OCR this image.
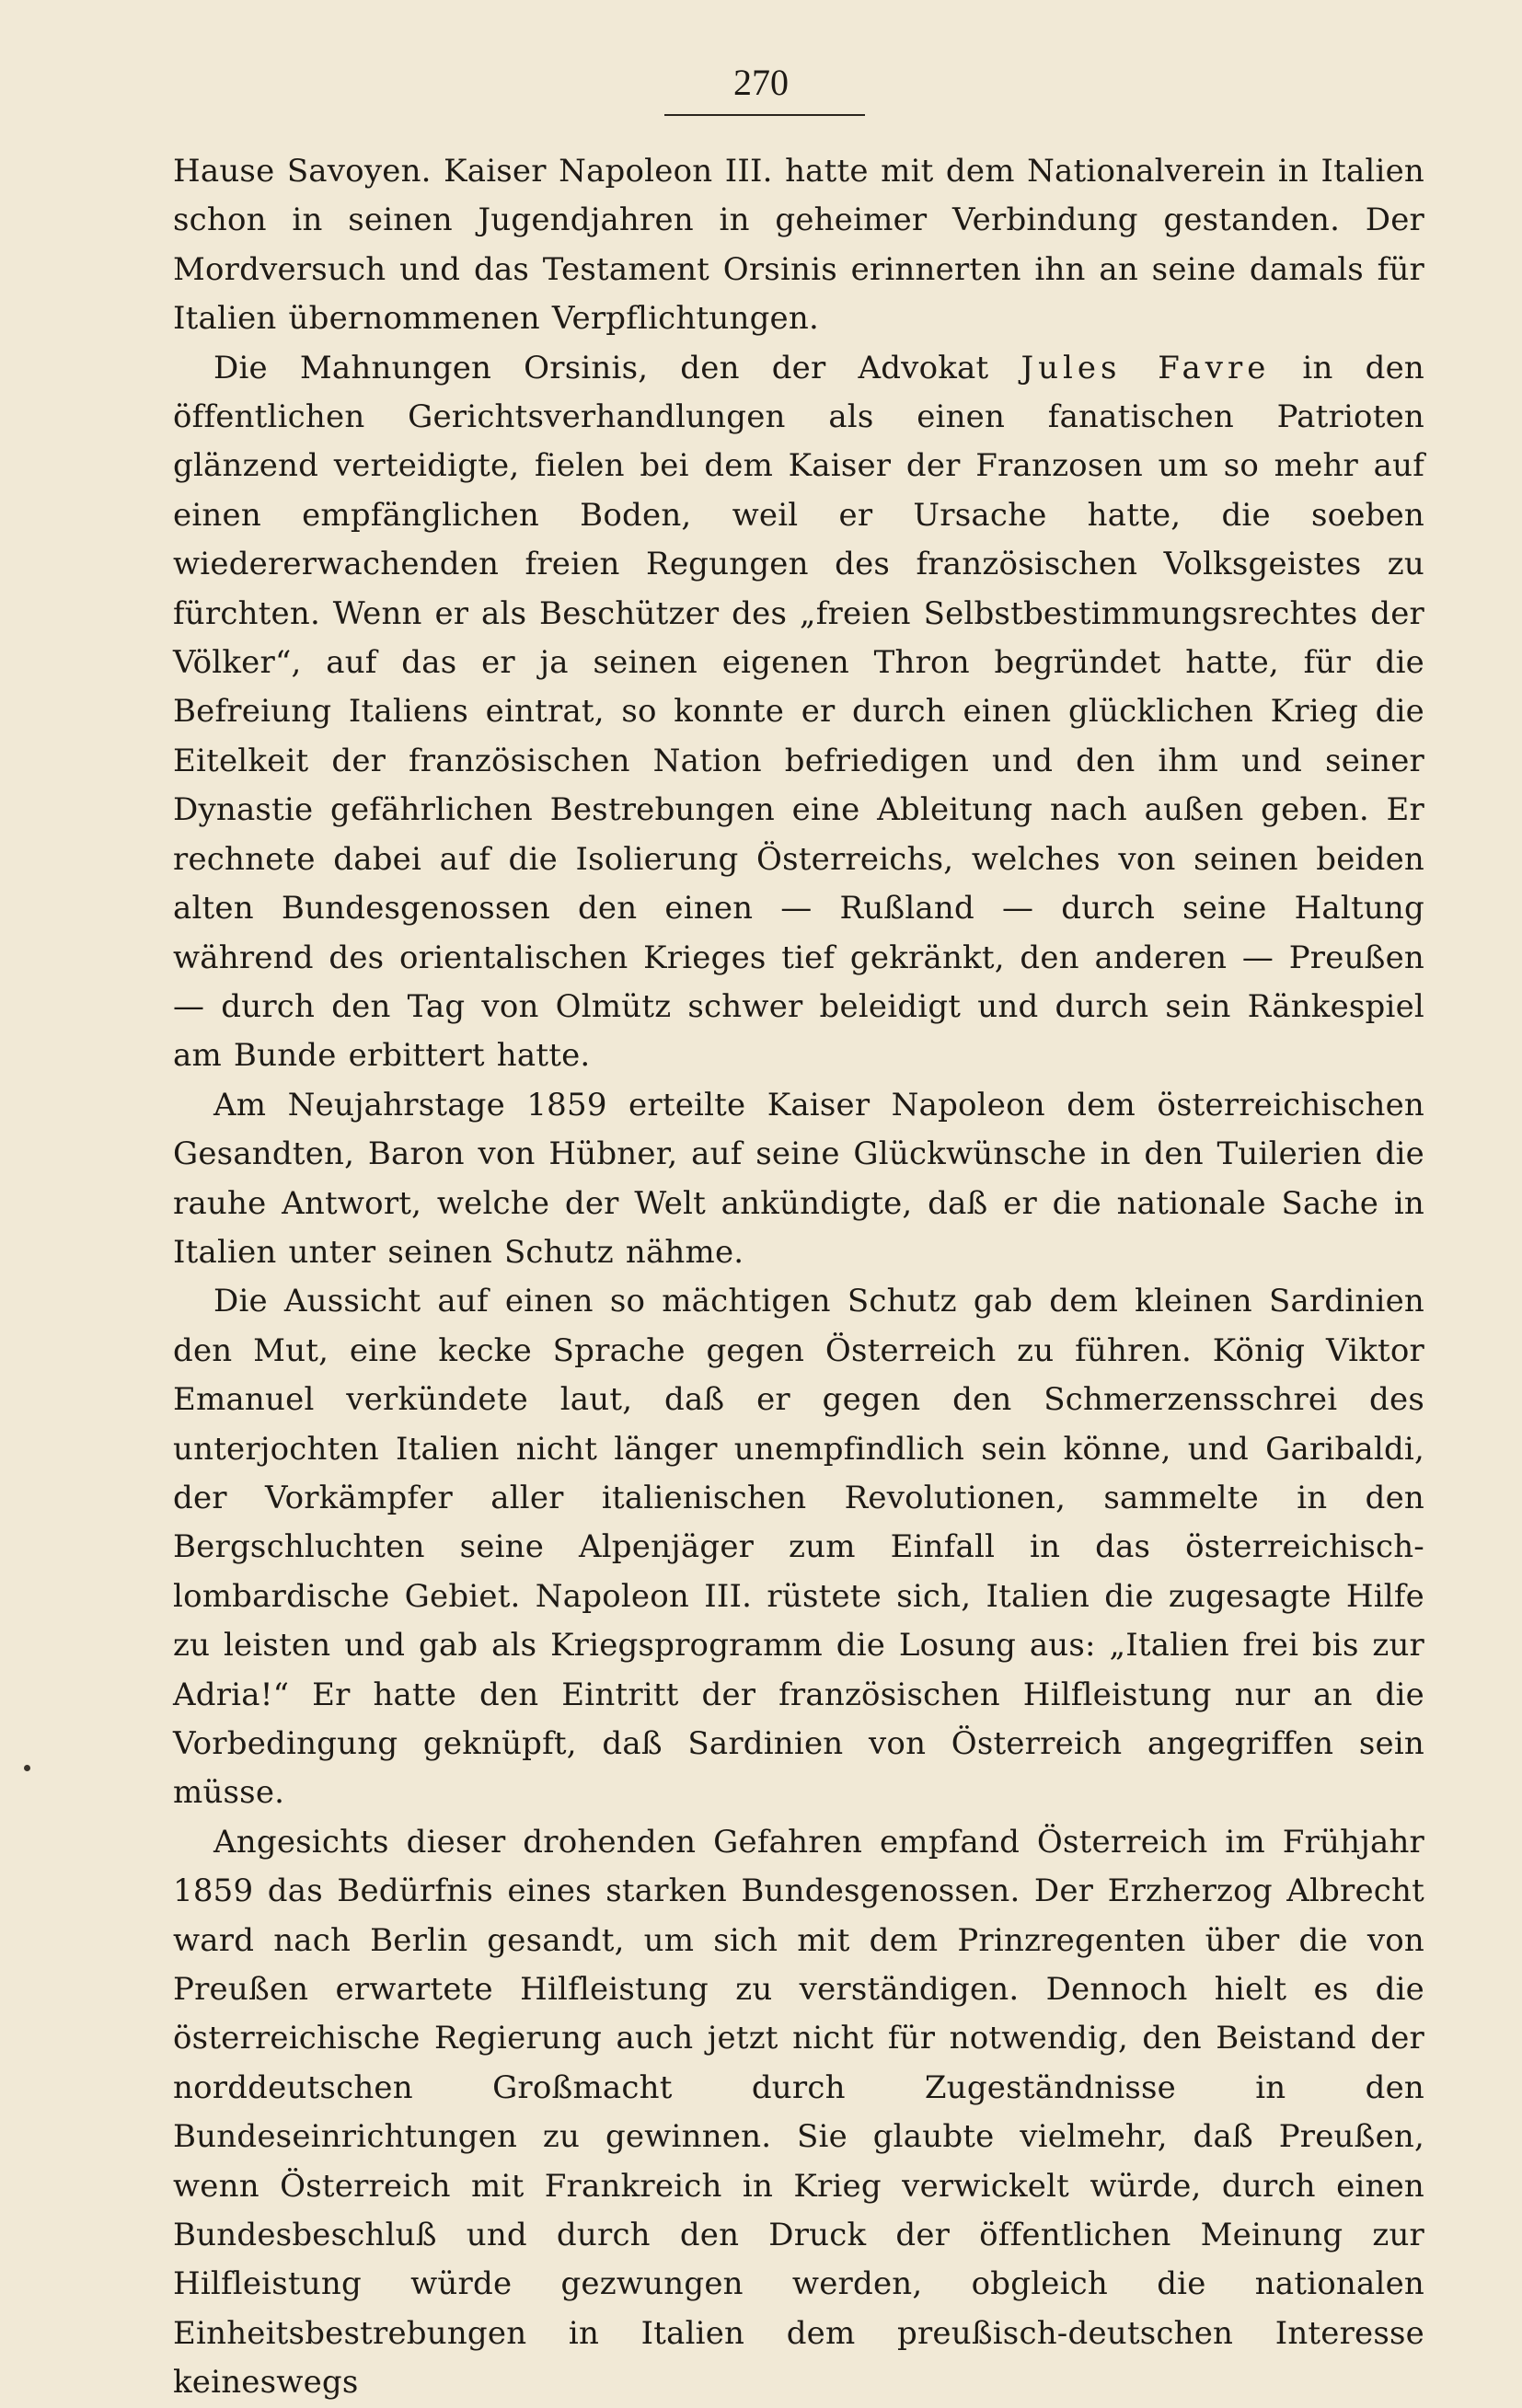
270

Hause Savoyen. Kaiser Napoleon III. hatte mit dem Nationalverein in Italien schon in seinen Jugendjahren in geheimer Verbindung gestanden. Der Mordversuch und das Testament Orsinis erinnerten ihn an seine damals für Italien übernommenen Verpflichtungen.

Die Mahnungen Orsinis, den der Advokat Jules Favre in den öffentlichen Gerichtsverhandlungen als einen fanatischen Patrioten glänzend verteidigte, fielen bei dem Kaiser der Franzosen um so mehr auf einen empfänglichen Boden, weil er Ursache hatte, die soeben wiedererwachenden freien Regungen des französischen Volksgeistes zu fürchten. Wenn er als Beschützer des „freien Selbstbestimmungsrechtes der Völker“, auf das er ja seinen eigenen Thron begründet hatte, für die Befreiung Italiens eintrat, so konnte er durch einen glücklichen Krieg die Eitelkeit der französischen Nation befriedigen und den ihm und seiner Dynastie gefährlichen Bestrebungen eine Ableitung nach außen geben. Er rechnete dabei auf die Isolierung Österreichs, welches von seinen beiden alten Bundesgenossen den einen — Rußland — durch seine Haltung während des orientalischen Krieges tief gekränkt, den anderen — Preußen — durch den Tag von Olmütz schwer beleidigt und durch sein Ränkespiel am Bunde erbittert hatte.

Am Neujahrstage 1859 erteilte Kaiser Napoleon dem österreichischen Gesandten, Baron von Hübner, auf seine Glückwünsche in den Tuilerien die rauhe Antwort, welche der Welt ankündigte, daß er die nationale Sache in Italien unter seinen Schutz nähme.

Die Aussicht auf einen so mächtigen Schutz gab dem kleinen Sardinien den Mut, eine kecke Sprache gegen Österreich zu führen. König Viktor Emanuel verkündete laut, daß er gegen den Schmerzensschrei des unterjochten Italien nicht länger unempfindlich sein könne, und Garibaldi, der Vorkämpfer aller italienischen Revolutionen, sammelte in den Bergschluchten seine Alpenjäger zum Einfall in das österreichisch-lombardische Gebiet. Napoleon III. rüstete sich, Italien die zugesagte Hilfe zu leisten und gab als Kriegsprogramm die Losung aus: „Italien frei bis zur Adria!“ Er hatte den Eintritt der französischen Hilfleistung nur an die Vorbedingung geknüpft, daß Sardinien von Österreich angegriffen sein müsse.

Angesichts dieser drohenden Gefahren empfand Österreich im Frühjahr 1859 das Bedürfnis eines starken Bundesgenossen. Der Erzherzog Albrecht ward nach Berlin gesandt, um sich mit dem Prinzregenten über die von Preußen erwartete Hilfleistung zu verständigen. Dennoch hielt es die österreichische Regierung auch jetzt nicht für notwendig, den Beistand der norddeutschen Großmacht durch Zugeständnisse in den Bundeseinrichtungen zu gewinnen. Sie glaubte vielmehr, daß Preußen, wenn Österreich mit Frankreich in Krieg verwickelt würde, durch einen Bundesbeschluß und durch den Druck der öffentlichen Meinung zur Hilfleistung würde gezwungen werden, obgleich die nationalen Einheitsbestrebungen in Italien dem preußisch-deutschen Interesse keineswegs
